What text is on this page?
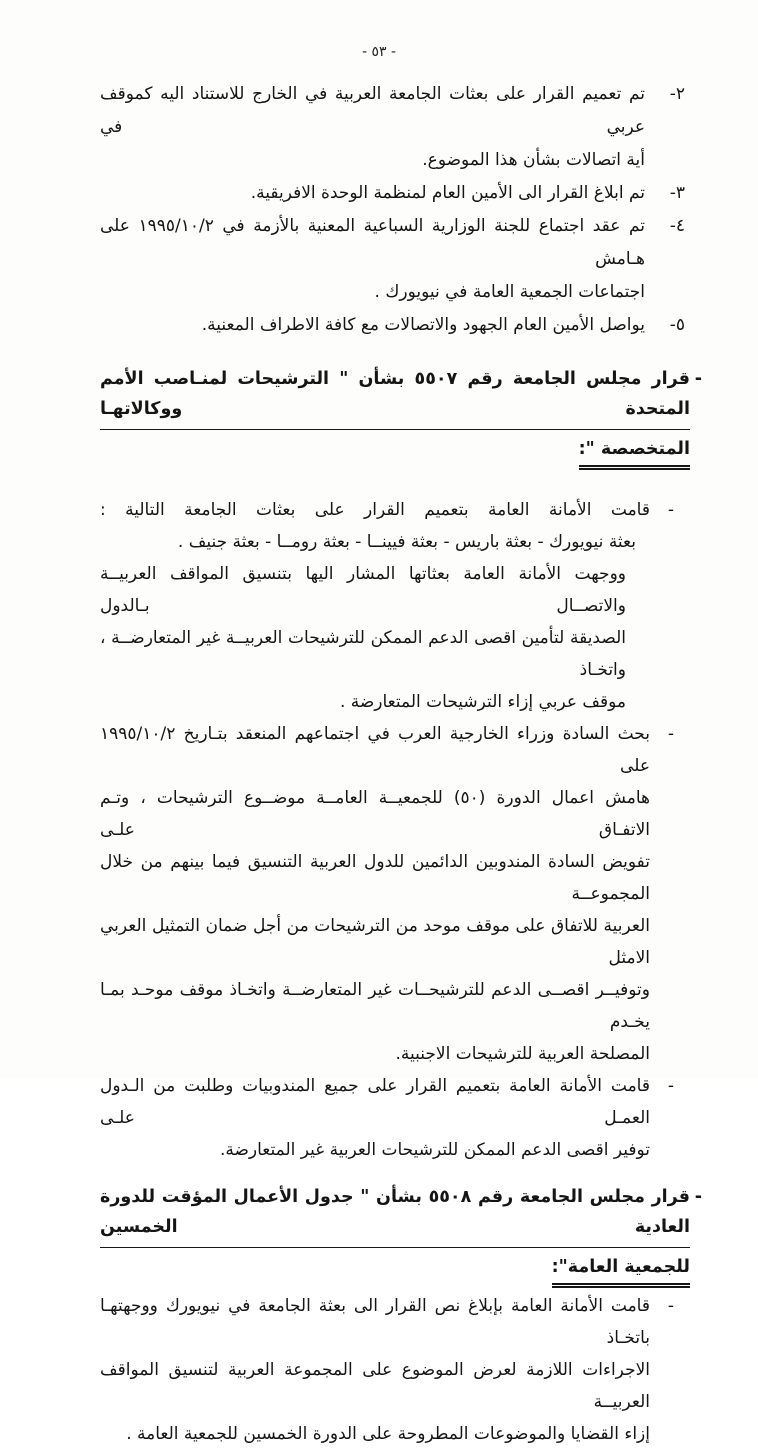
- ٥٣ -
٢-
تم تعميم القرار على بعثات الجامعة العربية في الخارج للاستناد اليه كموقف عربي في
أية اتصالات بشأن هذا الموضوع.
٣-
تم ابلاغ القرار الى الأمين العام لمنظمة الوحدة الافريقية.
٤-
تم عقد اجتماع للجنة الوزارية السباعية المعنية بالأزمة في ١٩٩٥/١٠/٢ على هـامش
اجتماعات الجمعية العامة في نيويورك .
٥-
يواصل الأمين العام الجهود والاتصالات مع كافة الاطراف المعنية.
-
قرار مجلس الجامعة رقم ٥٥٠٧ بشأن " الترشيحات لمنـاصب الأمم المتحدة ووكالاتهـا
المتخصصة ":
-
قامت الأمانة العامة بتعميم القرار على بعثات الجامعة التالية :
بعثة نيويورك - بعثة باريس - بعثة فيينــا - بعثة رومــا - بعثة جنيف .
ووجهت الأمانة العامة بعثاتها المشار اليها بتنسيق المواقف العربيــة والاتصــال بـالدول
الصديقة لتأمين اقصى الدعم الممكن للترشيحات العربيــة غير المتعارضــة ، واتخـاذ
موقف عربي إزاء الترشيحات المتعارضة .
-
بحث السادة وزراء الخارجية العرب في اجتماعهم المنعقد بتـاريخ ١٩٩٥/١٠/٢ على
هامش اعمال الدورة (٥٠) للجمعيــة العامــة موضــوع الترشيحات ، وتـم الاتفـاق علـى
تفويض السادة المندوبين الدائمين للدول العربية التنسيق فيما بينهم من خلال المجموعــة
العربية للاتفاق على موقف موحد من الترشيحات من أجل ضمان التمثيل العربي الامثل
وتوفيــر اقصــى الدعم للترشيحــات غير المتعارضــة واتخـاذ موقف موحـد بمـا يخـدم
المصلحة العربية للترشيحات الاجنبية.
-
قامت الأمانة العامة بتعميم القرار على جميع المندوبيات وطلبت من الـدول العمـل علـى
توفير اقصى الدعم الممكن للترشيحات العربية غير المتعارضة.
-
قرار مجلس الجامعة رقم ٥٥٠٨ بشأن " جدول الأعمال المؤقت للدورة العادية الخمسين
للجمعية العامة":
-
قامت الأمانة العامة بإبلاغ نص القرار الى بعثة الجامعة في نيويورك ووجهتهـا باتخـاذ
الاجراءات اللازمة لعرض الموضوع على المجموعة العربية لتنسيق المواقف العربيــة
إزاء القضايا والموضوعات المطروحة على الدورة الخمسين للجمعية العامة .
